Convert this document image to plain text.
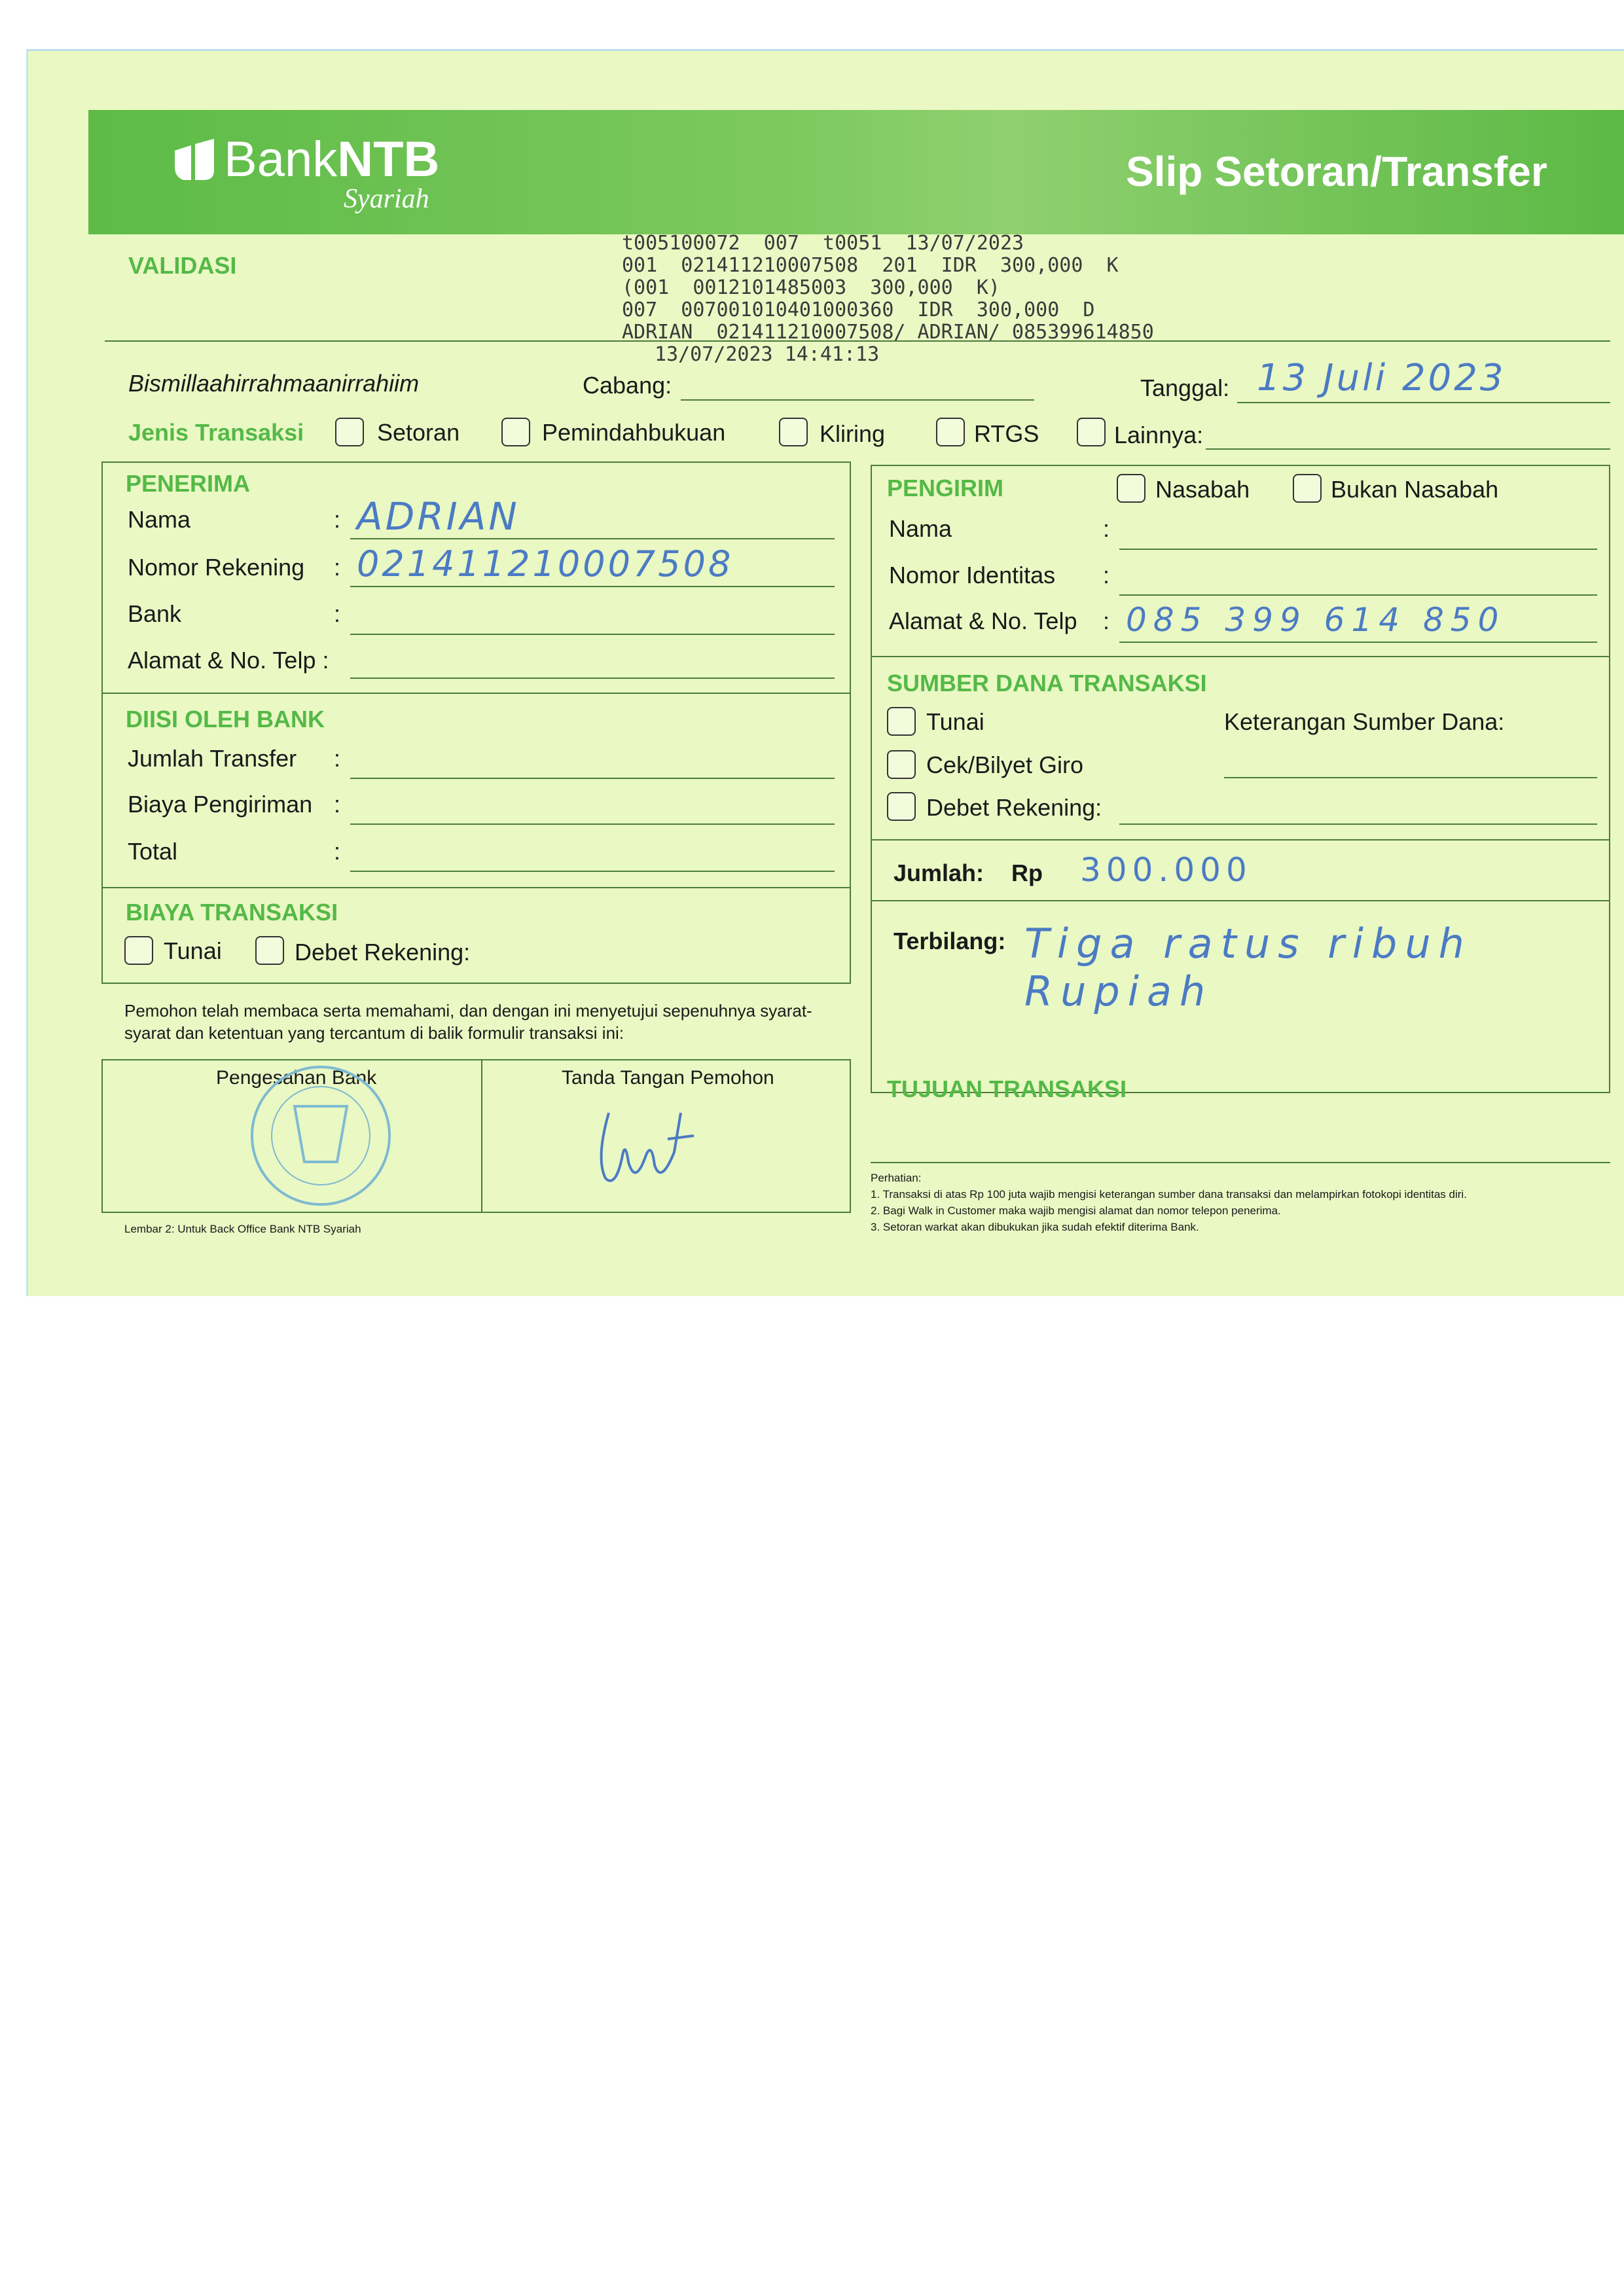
BankNTB
Syariah
Slip Setoran/Transfer
VALIDASI
t005100072  007  t0051  13/07/2023
001  021411210007508  201  IDR  300,000  K
(001  0012101485003  300,000  K)
007  007001010401000360  IDR  300,000  D
ADRIAN  021411210007508/ ADRIAN/ 085399614850
13/07/2023 14:41:13
Bismillaahirrahmaanirrahiim	Cabang:	Tanggal: 13 Juli 2023
Jenis Transaksi	Setoran	Pemindahbukuan	Kliring	RTGS	Lainnya:
PENERIMA
Nama	: ADRIAN
Nomor Rekening : 021411210007508
Bank	:
Alamat & No. Telp :
DIISI OLEH BANK
Jumlah Transfer :
Biaya Pengiriman :
Total	:
BIAYA TRANSAKSI
Tunai	Debet Rekening:
PENGIRIM	Nasabah	Bukan Nasabah
Nama	:
Nomor Identitas :
Alamat & No. Telp : 085 399 614 850
SUMBER DANA TRANSAKSI
Tunai	Keterangan Sumber Dana:
Cek/Bilyet Giro
Debet Rekening:
Jumlah: Rp 300.000
Terbilang: Tiga ratus ribuh Rupiah
Pemohon telah membaca serta memahami, dan dengan ini menyetujui sepenuhnya syarat-syarat dan ketentuan yang tercantum di balik formulir transaksi ini:
Pengesahan Bank	Tanda Tangan Pemohon	TUJUAN TRANSAKSI
Perhatian:
1. Transaksi di atas Rp 100 juta wajib mengisi keterangan sumber dana transaksi dan melampirkan fotokopi identitas diri.
2. Bagi Walk in Customer maka wajib mengisi alamat dan nomor telepon penerima.
3. Setoran warkat akan dibukukan jika sudah efektif diterima Bank.
Lembar 2: Untuk Back Office Bank NTB Syariah
